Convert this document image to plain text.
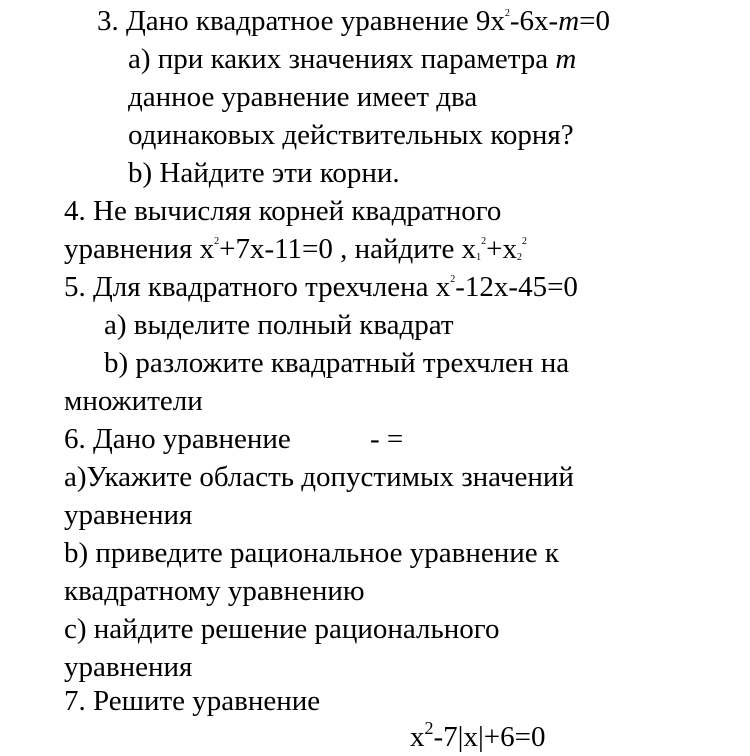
3. Дано квадратное уравнение $9x^2-6x-m=0$
а) при каких значениях параметра m
данное уравнение имеет два
одинаковых действительных корня?
b) Найдите эти корни.
4. Не вычисляя корней квадратного
уравнения $x^2+7x-11=0$ , найдите $x_1^2+x_2^2$
5. Для квадратного трехчлена $x^2-12x-45=0$
а) выделите полный квадрат
b) разложите квадратный трехчлен на
множители
6. Дано уравнение	- =
а)Укажите область допустимых значений
уравнения
b) приведите рациональное уравнение к
квадратному уравнению
с) найдите решение рационального
уравнения
7. Решите уравнение
$x^2-7|x|+6=0$
